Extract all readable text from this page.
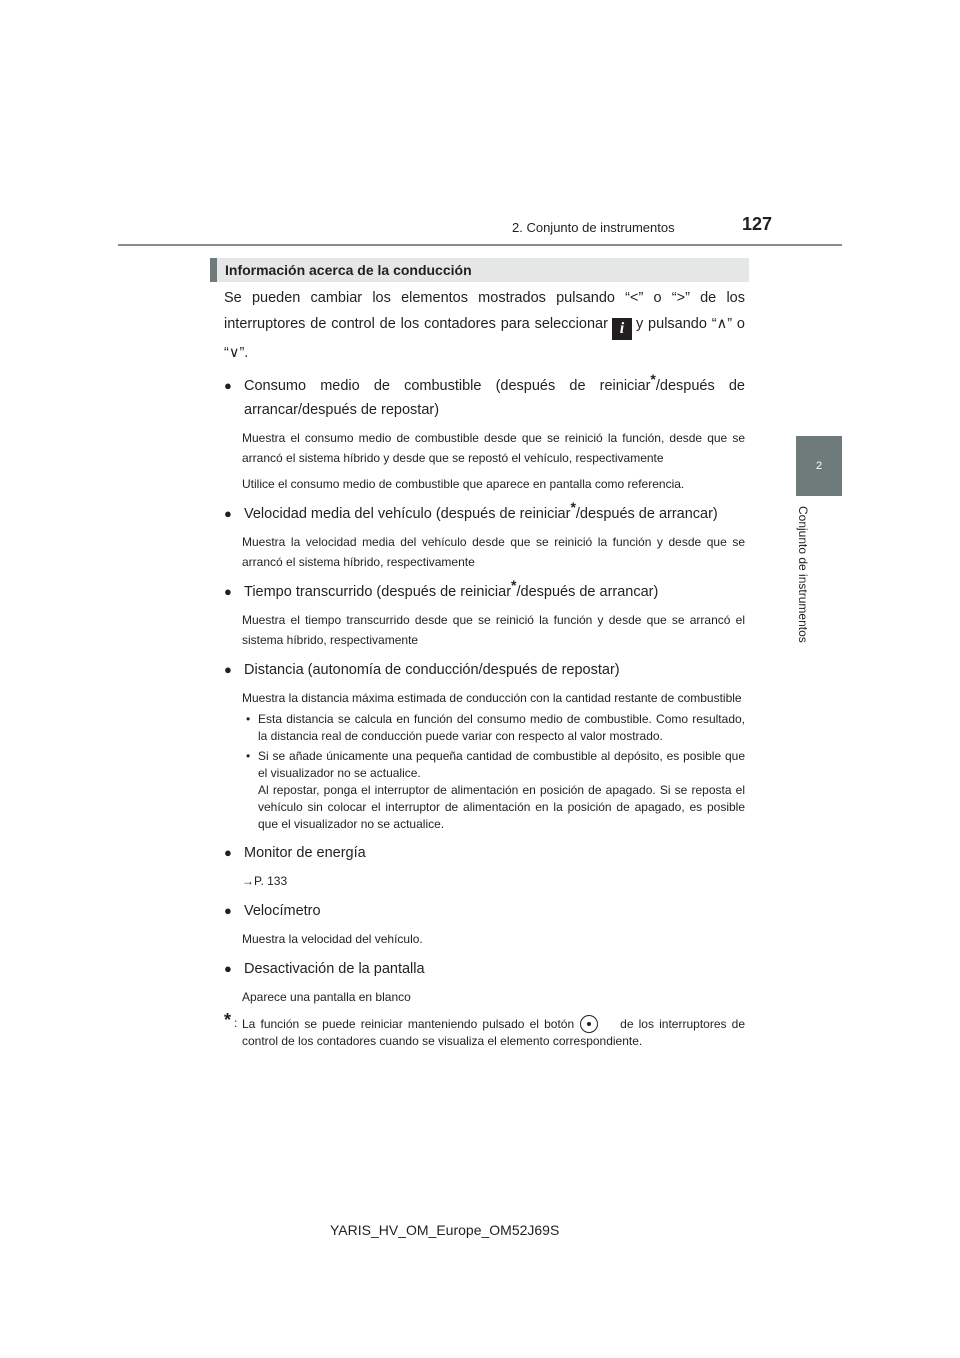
2. Conjunto de instrumentos	127
2
Conjunto de instrumentos
Información acerca de la conducción

Se pueden cambiar los elementos mostrados pulsando “<” o “>” de los interruptores de control de los contadores para seleccionar i y pulsando “∧” o “∨”.

● Consumo medio de combustible (después de reiniciar*/después de arrancar/después de repostar)

Muestra el consumo medio de combustible desde que se reinició la función, desde que se arrancó el sistema híbrido y desde que se repostó el vehículo, respectivamente

Utilice el consumo medio de combustible que aparece en pantalla como referencia.

● Velocidad media del vehículo (después de reiniciar*/después de arrancar)

Muestra la velocidad media del vehículo desde que se reinició la función y desde que se arrancó el sistema híbrido, respectivamente

● Tiempo transcurrido (después de reiniciar*/después de arrancar)

Muestra el tiempo transcurrido desde que se reinició la función y desde que se arrancó el sistema híbrido, respectivamente

● Distancia (autonomía de conducción/después de repostar)

Muestra la distancia máxima estimada de conducción con la cantidad restante de combustible

• Esta distancia se calcula en función del consumo medio de combustible. Como resultado, la distancia real de conducción puede variar con respecto al valor mostrado.

• Si se añade únicamente una pequeña cantidad de combustible al depósito, es posible que el visualizador no se actualice.
Al repostar, ponga el interruptor de alimentación en posición de apagado. Si se reposta el vehículo sin colocar el interruptor de alimentación en la posición de apagado, es posible que el visualizador no se actualice.

● Monitor de energía

→P. 133

● Velocímetro

Muestra la velocidad del vehículo.

● Desactivación de la pantalla

Aparece una pantalla en blanco

* : La función se puede reiniciar manteniendo pulsado el botón	de los interruptores de control de los contadores cuando se visualiza el elemento correspondiente.

YARIS_HV_OM_Europe_OM52J69S
